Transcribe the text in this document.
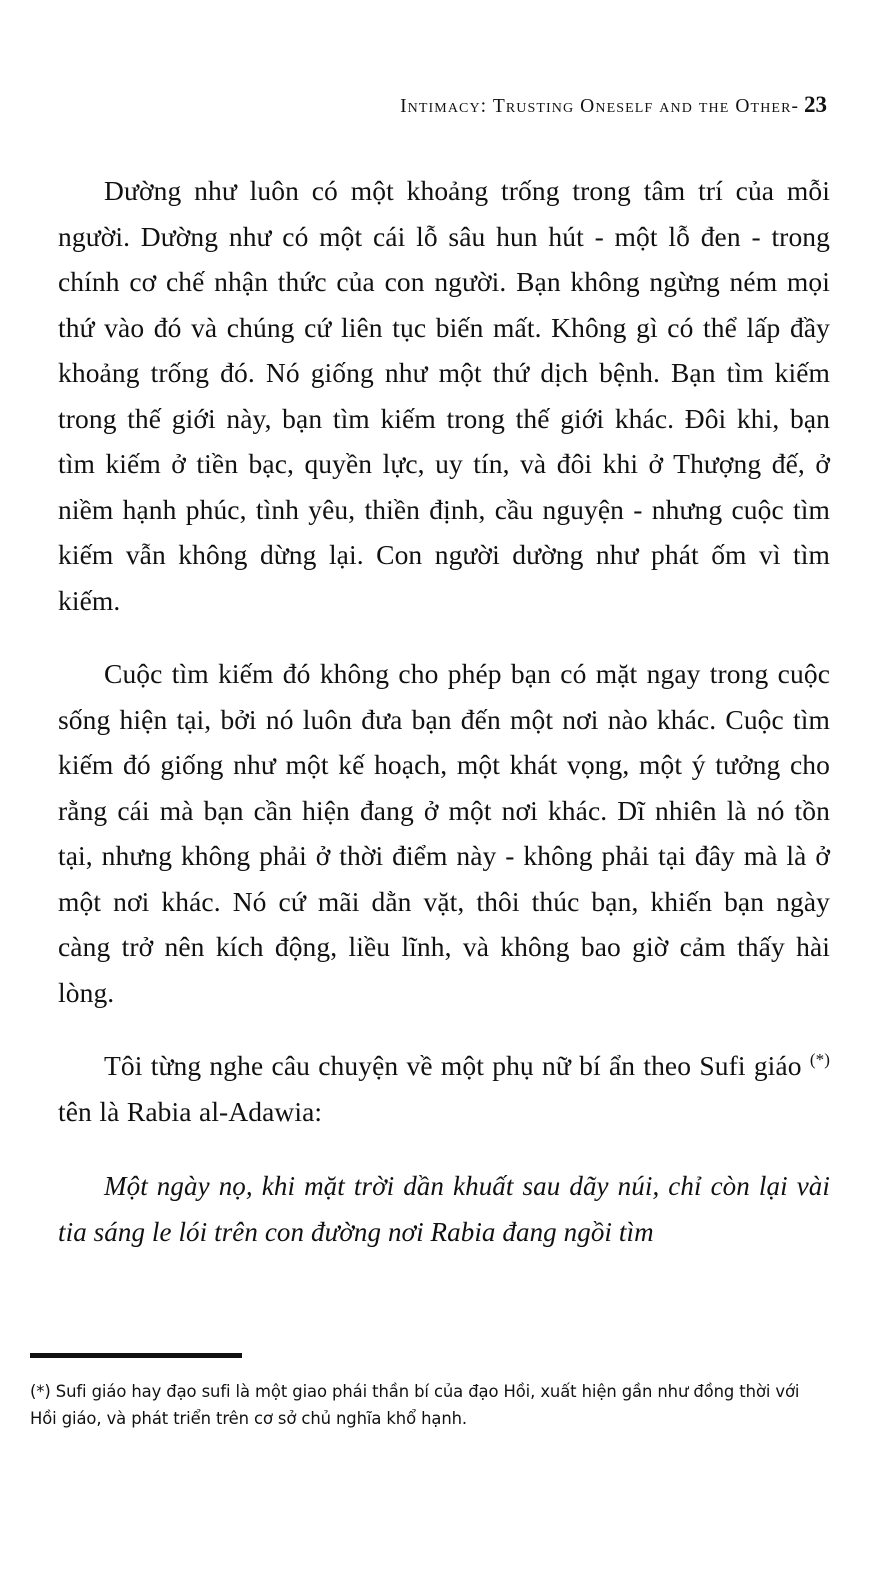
Intimacy: Trusting Oneself and the Other- 23

Dường như luôn có một khoảng trống trong tâm trí của mỗi người. Dường như có một cái lỗ sâu hun hút - một lỗ đen - trong chính cơ chế nhận thức của con người. Bạn không ngừng ném mọi thứ vào đó và chúng cứ liên tục biến mất. Không gì có thể lấp đầy khoảng trống đó. Nó giống như một thứ dịch bệnh. Bạn tìm kiếm trong thế giới này, bạn tìm kiếm trong thế giới khác. Đôi khi, bạn tìm kiếm ở tiền bạc, quyền lực, uy tín, và đôi khi ở Thượng đế, ở niềm hạnh phúc, tình yêu, thiền định, cầu nguyện - nhưng cuộc tìm kiếm vẫn không dừng lại. Con người dường như phát ốm vì tìm kiếm.

Cuộc tìm kiếm đó không cho phép bạn có mặt ngay trong cuộc sống hiện tại, bởi nó luôn đưa bạn đến một nơi nào khác. Cuộc tìm kiếm đó giống như một kế hoạch, một khát vọng, một ý tưởng cho rằng cái mà bạn cần hiện đang ở một nơi khác. Dĩ nhiên là nó tồn tại, nhưng không phải ở thời điểm này - không phải tại đây mà là ở một nơi khác. Nó cứ mãi dằn vặt, thôi thúc bạn, khiến bạn ngày càng trở nên kích động, liều lĩnh, và không bao giờ cảm thấy hài lòng.

Tôi từng nghe câu chuyện về một phụ nữ bí ẩn theo Sufi giáo (*) tên là Rabia al-Adawia:

Một ngày nọ, khi mặt trời dần khuất sau dãy núi, chỉ còn lại vài tia sáng le lói trên con đường nơi Rabia đang ngồi tìm

(*) Sufi giáo hay đạo sufi là một giao phái thần bí của đạo Hồi, xuất hiện gần như đồng thời với Hồi giáo, và phát triển trên cơ sở chủ nghĩa khổ hạnh.
